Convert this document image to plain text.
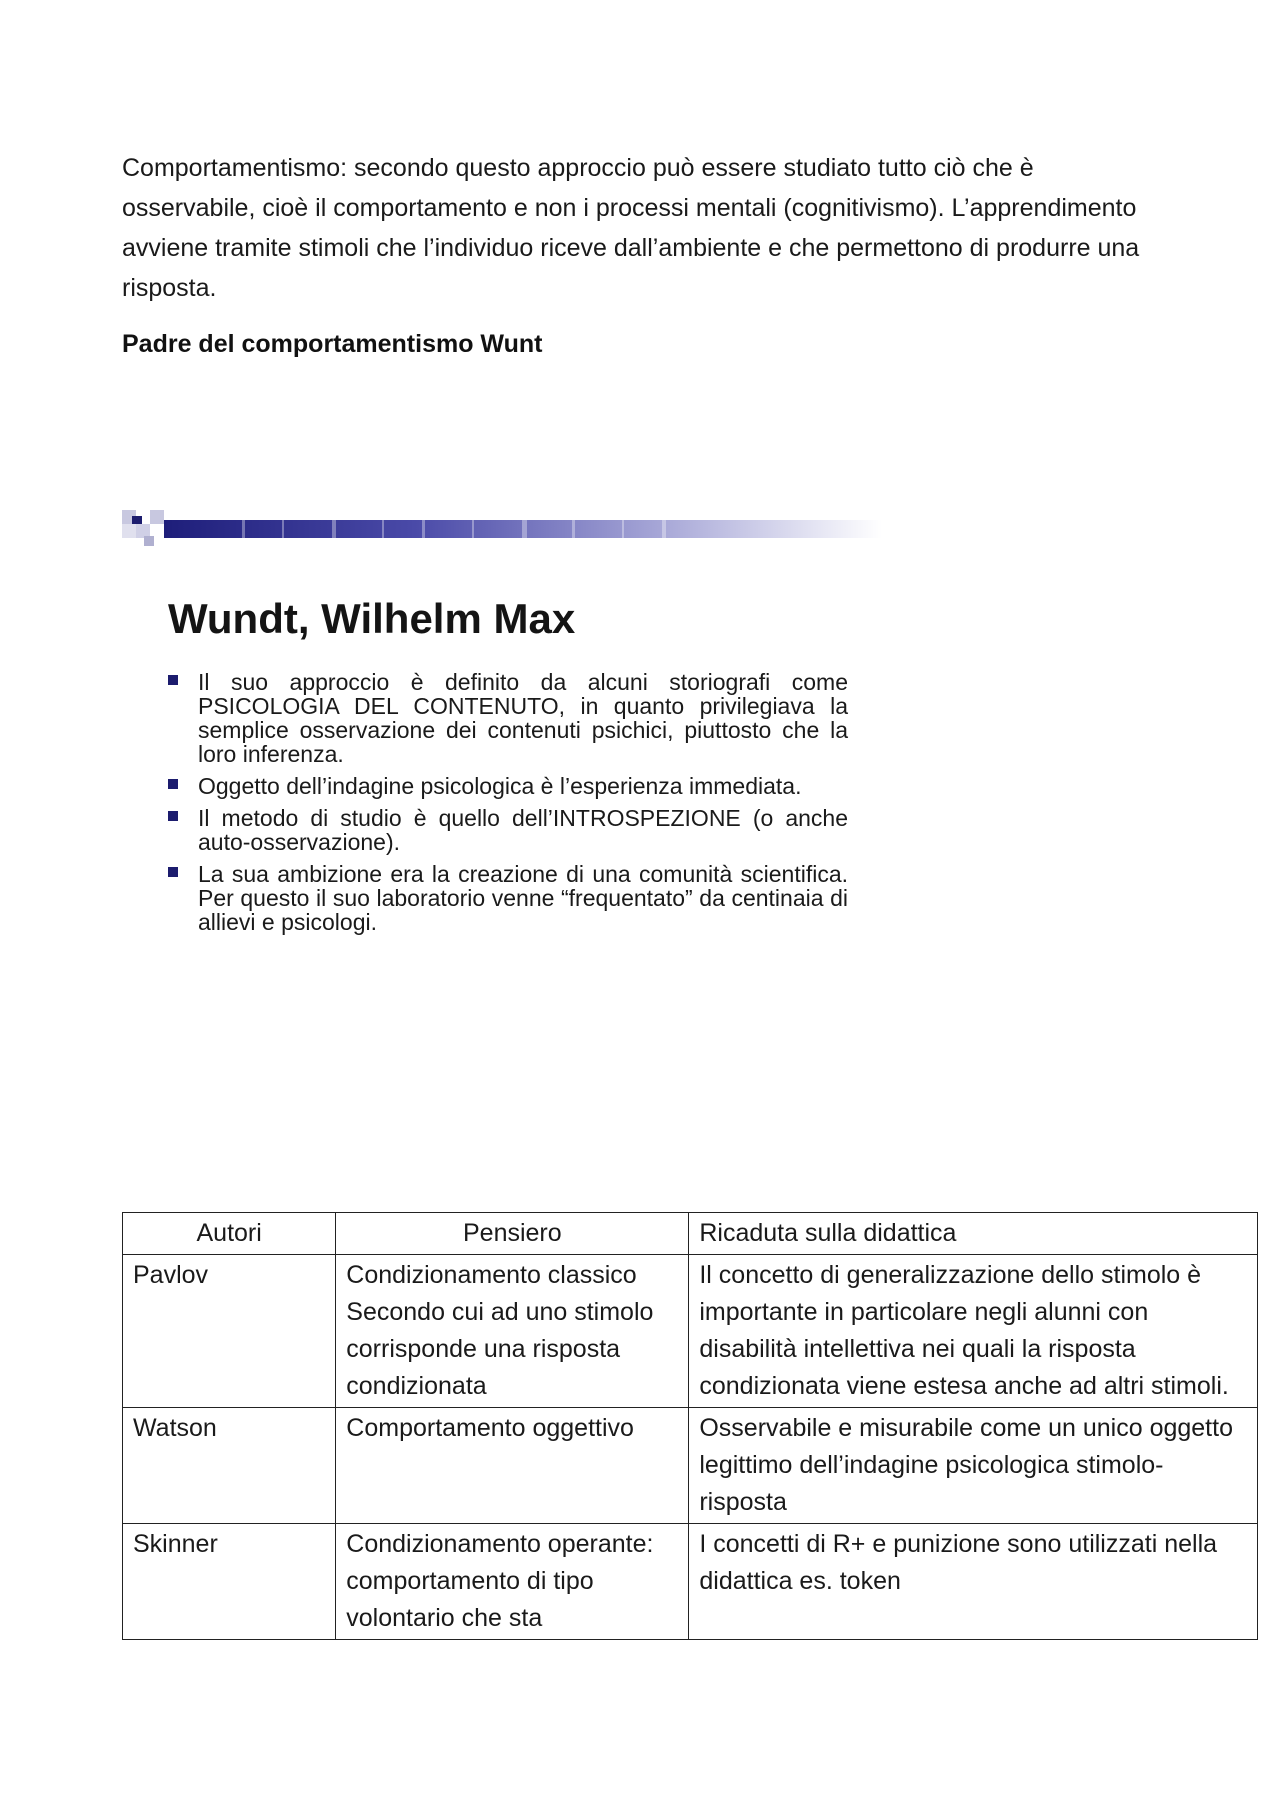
Comportamentismo: secondo questo approccio può essere studiato tutto ciò che è osservabile, cioè il comportamento e non i processi mentali (cognitivismo). L’apprendimento avviene tramite stimoli che l’individuo riceve dall’ambiente e che permettono di produrre una risposta.

Padre del comportamentismo Wunt

Wundt, Wilhelm Max
Il suo approccio è definito da alcuni storiografi come PSICOLOGIA DEL CONTENUTO, in quanto privilegiava la semplice osservazione dei contenuti psichici, piuttosto che la loro inferenza.
Oggetto dell’indagine psicologica è l’esperienza immediata.
Il metodo di studio è quello dell’INTROSPEZIONE (o anche auto-osservazione).
La sua ambizione era la creazione di una comunità scientifica. Per questo il suo laboratorio venne “frequentato” da centinaia di allievi e psicologi.
Autori	Pensiero	Ricaduta sulla didattica
Pavlov	Condizionamento classico Secondo cui ad uno stimolo corrisponde una risposta condizionata	Il concetto di generalizzazione dello stimolo è importante in particolare negli alunni con disabilità intellettiva nei quali la risposta condizionata viene estesa anche ad altri stimoli.
Watson	Comportamento oggettivo	Osservabile e misurabile come un unico oggetto legittimo dell’indagine psicologica stimolo- risposta
Skinner	Condizionamento operante: comportamento di tipo volontario che sta	I concetti di R+ e punizione sono utilizzati nella didattica es. token
